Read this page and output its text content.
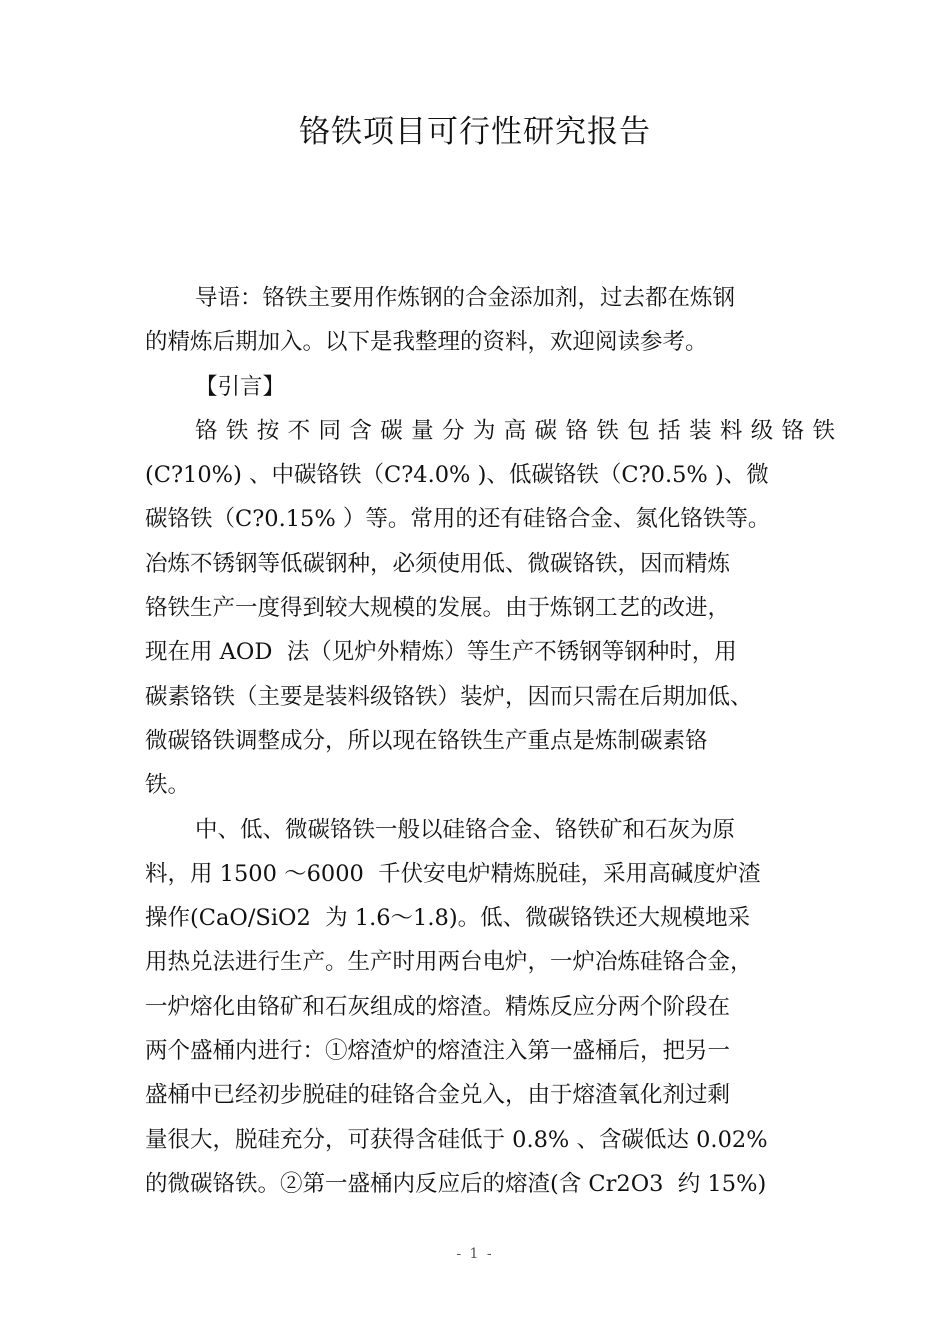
铬铁项目可行性研究报告
导语：铬铁主要用作炼钢的合金添加剂，过去都在炼钢
的精炼后期加入。以下是我整理的资料，欢迎阅读参考。
【引言】
铬铁按不同含碳量分为高碳铬铁包括装料级铬铁
(C?10%) 、中碳铬铁（C?4.0% )、低碳铬铁（C?0.5% )、微
碳铬铁（C?0.15% ）等。常用的还有硅铬合金、氮化铬铁等。
冶炼不锈钢等低碳钢种，必须使用低、微碳铬铁，因而精炼
铬铁生产一度得到较大规模的发展。由于炼钢工艺的改进，
现在用 AOD  法（见炉外精炼）等生产不锈钢等钢种时，用
碳素铬铁（主要是装料级铬铁）装炉，因而只需在后期加低、
微碳铬铁调整成分，所以现在铬铁生产重点是炼制碳素铬
铁。
中、低、微碳铬铁一般以硅铬合金、铬铁矿和石灰为原
料，用 1500 ～6000  千伏安电炉精炼脱硅，采用高碱度炉渣
操作(CaO/SiO2  为 1.6～1.8)。低、微碳铬铁还大规模地采
用热兑法进行生产。生产时用两台电炉，一炉冶炼硅铬合金，
一炉熔化由铬矿和石灰组成的熔渣。精炼反应分两个阶段在
两个盛桶内进行：①熔渣炉的熔渣注入第一盛桶后，把另一
盛桶中已经初步脱硅的硅铬合金兑入，由于熔渣氧化剂过剩
量很大，脱硅充分，可获得含硅低于 0.8% 、含碳低达 0.02%
的微碳铬铁。②第一盛桶内反应后的熔渣(含 Cr2O3  约 15%)
- 1 -
